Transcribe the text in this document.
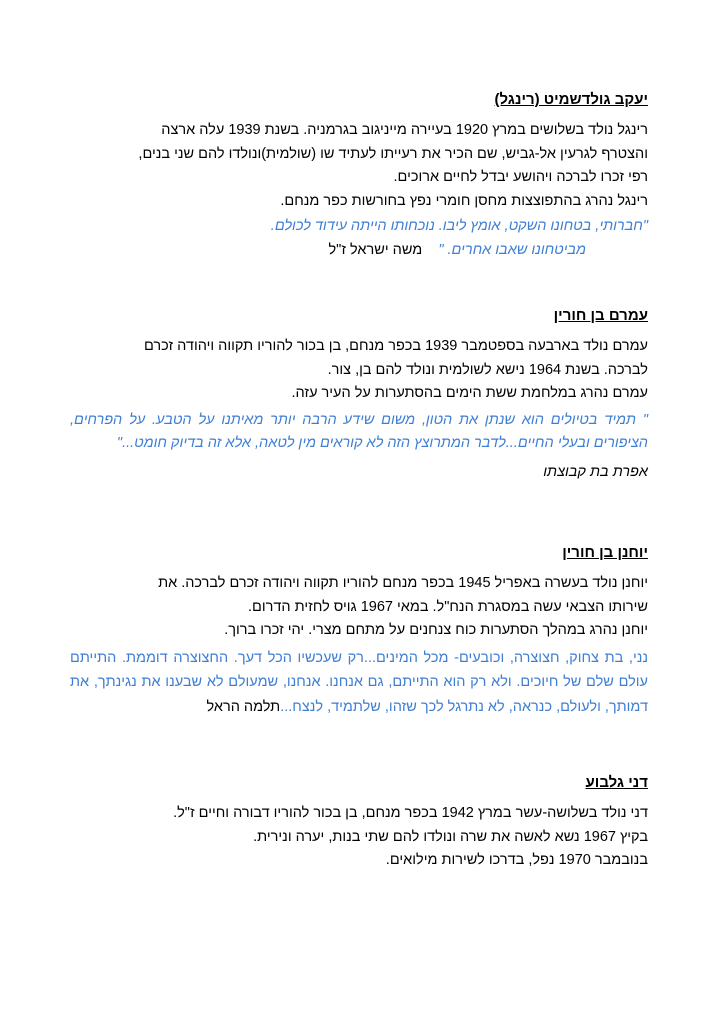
יעקב גולדשמיט (רינגל)
רינגל נולד בשלושים במרץ 1920 בעיירה מייניגוב בגרמניה. בשנת 1939 עלה ארצה
והצטרף לגרעין אל-גביש, שם הכיר את רעייתו לעתיד שו (שולמית)ונולדו להם שני בנים,
רפי זכרו לברכה ויהושע יבדל לחיים ארוכים.
רינגל נהרג בהתפוצצות מחסן חומרי נפץ בחורשות כפר מנחם.
"חברותי, בטחונו השקט, אומץ ליבו. נוכחותו הייתה עידוד לכולם.
מביטחונו שאבו אחרים. "  משה ישראל ז"ל
עמרם בן חורין
עמרם נולד בארבעה בספטמבר 1939 בכפר מנחם, בן בכור להוריו תקווה ויהודה זכרם
לברכה. בשנת 1964 נישא לשולמית ונולד להם בן, צור.
עמרם נהרג במלחמת ששת הימים בהסתערות על העיר עזה.
" תמיד בטיולים הוא שנתן את הטון, משום שידע הרבה יותר מאיתנו על הטבע. על הפרחים, הציפורים ובעלי החיים...לדבר המתרוצץ הזה לא קוראים מין לטאה, אלא זה בדיוק חומט..."
אפרת בת קבוצתו
יוחנן בן חורין
יוחנן נולד בעשרה באפריל 1945 בכפר מנחם להוריו תקווה ויהודה זכרם לברכה. את
שירותו הצבאי עשה במסגרת הנח"ל. במאי 1967 גויס לחזית הדרום.
יוחנן נהרג במהלך הסתערות כוח צנחנים על מתחם מצרי. יהי זכרו ברוך.
נני, בת צחוק, חצוצרה, וכובעים- מכל המינים...רק שעכשיו הכל דעך. החצוצרה דוממת. התייתם עולם שלם של חיוכים. ולא רק הוא התייתם, גם אנחנו. אנחנו, שמעולם לא שבענו את נגינתך, את דמותך, ולעולם, כנראה, לא נתרגל לכך שזהו, שלתמיד, לנצח...תלמה הראל
דני גלבוע
דני נולד בשלושה-עשר במרץ 1942 בכפר מנחם, בן בכור להוריו דבורה וחיים ז"ל.
בקיץ 1967 נשא לאשה את שרה ונולדו להם שתי בנות, יערה ונירית.
בנובמבר 1970 נפל, בדרכו לשירות מילואים.
